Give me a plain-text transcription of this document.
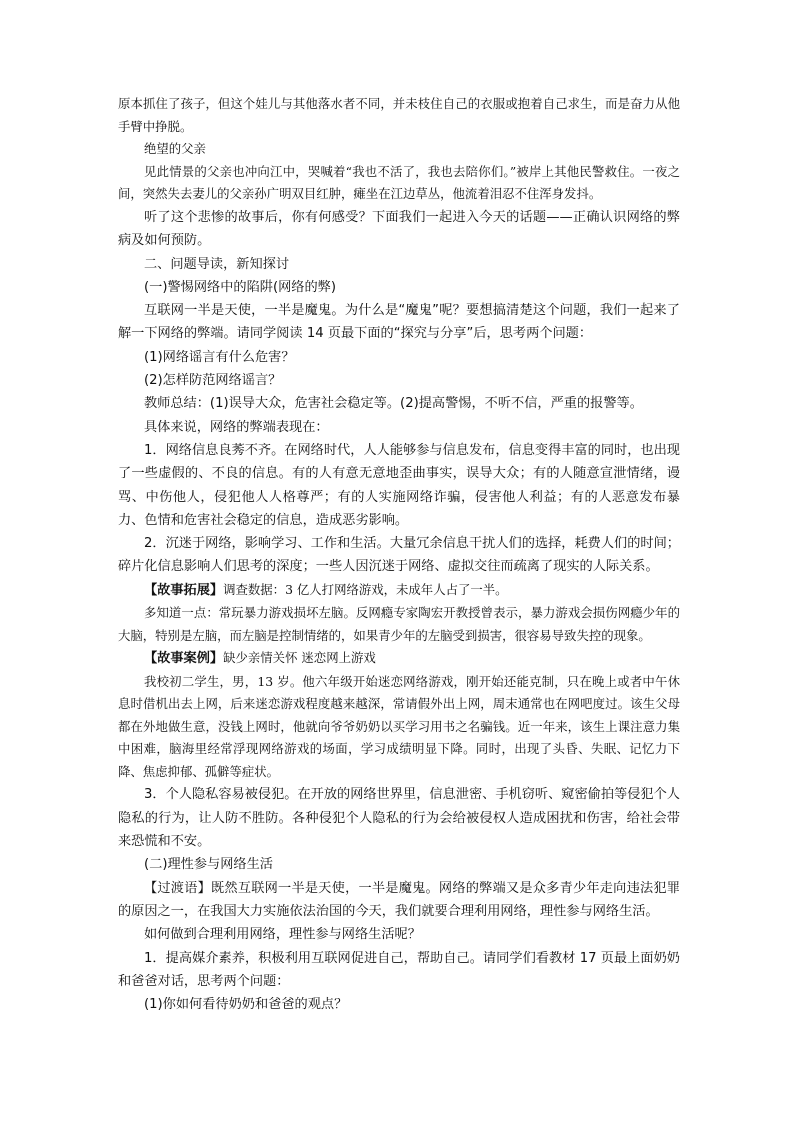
原本抓住了孩子，但这个娃儿与其他落水者不同，并未枝住自己的衣服或抱着自己求生，而是奋力从他手臂中挣脱。

绝望的父亲

见此情景的父亲也冲向江中，哭喊着“我也不活了，我也去陪你们。”被岸上其他民警救住。一夜之间，突然失去妻儿的父亲孙广明双目红肿，瘫坐在江边草丛，他流着泪忍不住浑身发抖。

听了这个悲惨的故事后，你有何感受？下面我们一起进入今天的话题——正确认识网络的弊病及如何预防。

二、问题导读，新知探讨

(一)警惕网络中的陷阱(网络的弊)

互联网一半是天使，一半是魔鬼。为什么是“魔鬼”呢？要想搞清楚这个问题，我们一起来了解一下网络的弊端。请同学阅读 14 页最下面的“探究与分享”后，思考两个问题：

(1)网络谣言有什么危害？

(2)怎样防范网络谣言？

教师总结：(1)误导大众，危害社会稳定等。(2)提高警惕，不听不信，严重的报警等。

具体来说，网络的弊端表现在：

1．网络信息良莠不齐。在网络时代，人人能够参与信息发布，信息变得丰富的同时，也出现了一些虚假的、不良的信息。有的人有意无意地歪曲事实，误导大众；有的人随意宣泄情绪，谩骂、中伤他人，侵犯他人人格尊严；有的人实施网络诈骗，侵害他人利益；有的人恶意发布暴力、色情和危害社会稳定的信息，造成恶劣影响。

2．沉迷于网络，影响学习、工作和生活。大量冗余信息干扰人们的选择，耗费人们的时间；碎片化信息影响人们思考的深度；一些人因沉迷于网络、虚拟交往而疏离了现实的人际关系。

【故事拓展】调查数据：3 亿人打网络游戏，未成年人占了一半。

多知道一点：常玩暴力游戏损坏左脑。反网瘾专家陶宏开教授曾表示，暴力游戏会损伤网瘾少年的大脑，特别是左脑，而左脑是控制情绪的，如果青少年的左脑受到损害，很容易导致失控的现象。

【故事案例】缺少亲情关怀 迷恋网上游戏

我校初二学生，男，13 岁。他六年级开始迷恋网络游戏，刚开始还能克制，只在晚上或者中午休息时借机出去上网，后来迷恋游戏程度越来越深，常请假外出上网，周末通常也在网吧度过。该生父母都在外地做生意，没钱上网时，他就向爷爷奶奶以买学习用书之名骗钱。近一年来，该生上课注意力集中困难，脑海里经常浮现网络游戏的场面，学习成绩明显下降。同时，出现了头昏、失眠、记忆力下降、焦虑抑郁、孤僻等症状。

3．个人隐私容易被侵犯。在开放的网络世界里，信息泄密、手机窃听、窥密偷拍等侵犯个人隐私的行为，让人防不胜防。各种侵犯个人隐私的行为会给被侵权人造成困扰和伤害，给社会带来恐慌和不安。

(二)理性参与网络生活

【过渡语】既然互联网一半是天使，一半是魔鬼。网络的弊端又是众多青少年走向违法犯罪的原因之一，在我国大力实施依法治国的今天，我们就要合理利用网络，理性参与网络生活。

如何做到合理利用网络，理性参与网络生活呢？

1．提高媒介素养，积极利用互联网促进自己，帮助自己。请同学们看教材 17 页最上面奶奶和爸爸对话，思考两个问题：

(1)你如何看待奶奶和爸爸的观点？
